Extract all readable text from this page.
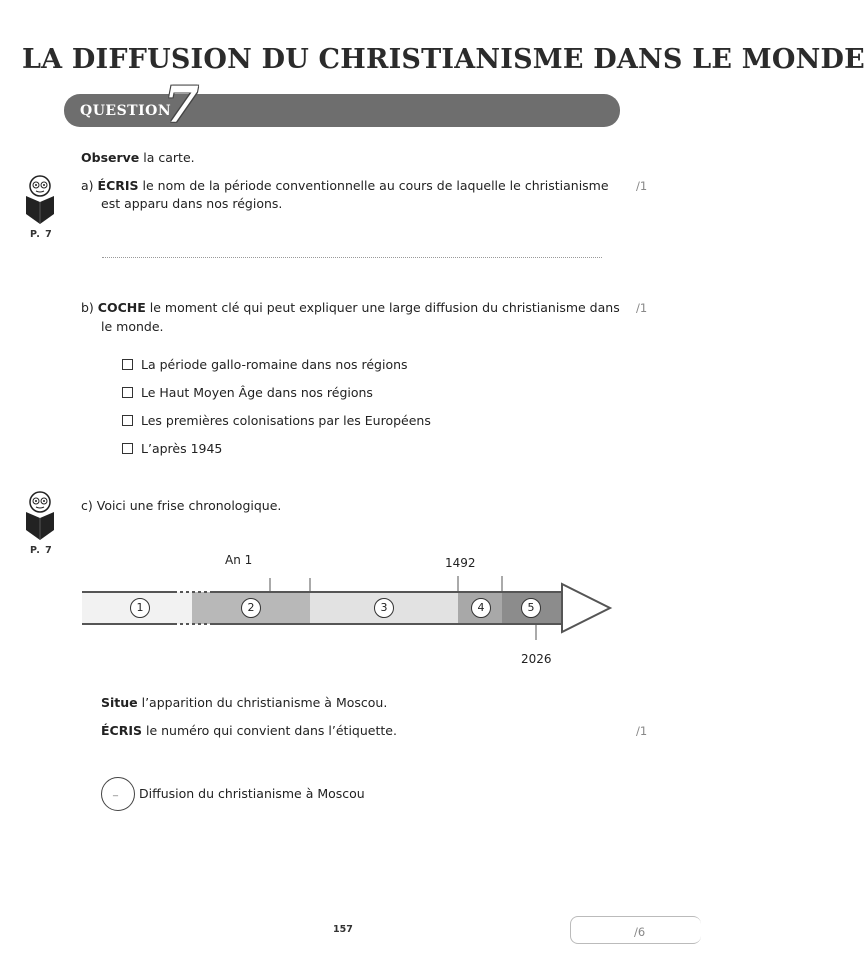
LA DIFFUSION DU CHRISTIANISME DANS LE MONDE
QUESTION
7
Observe la carte.
P. 7
a) ÉCRIS le nom de la période conventionnelle au cours de laquelle le christianisme
est apparu dans nos régions.
/1
b) COCHE le moment clé qui peut expliquer une large diffusion du christianisme dans
le monde.
/1
La période gallo-romaine dans nos régions
Le Haut Moyen Âge dans nos régions
Les premières colonisations par les Européens
L’après 1945
P. 7
c) Voici une frise chronologique.
An 1	1492
2026
1	2	3	4	5
Situe l’apparition du christianisme à Moscou.
ÉCRIS le numéro qui convient dans l’étiquette.	/1
_ Diffusion du christianisme à Moscou
157	/6
